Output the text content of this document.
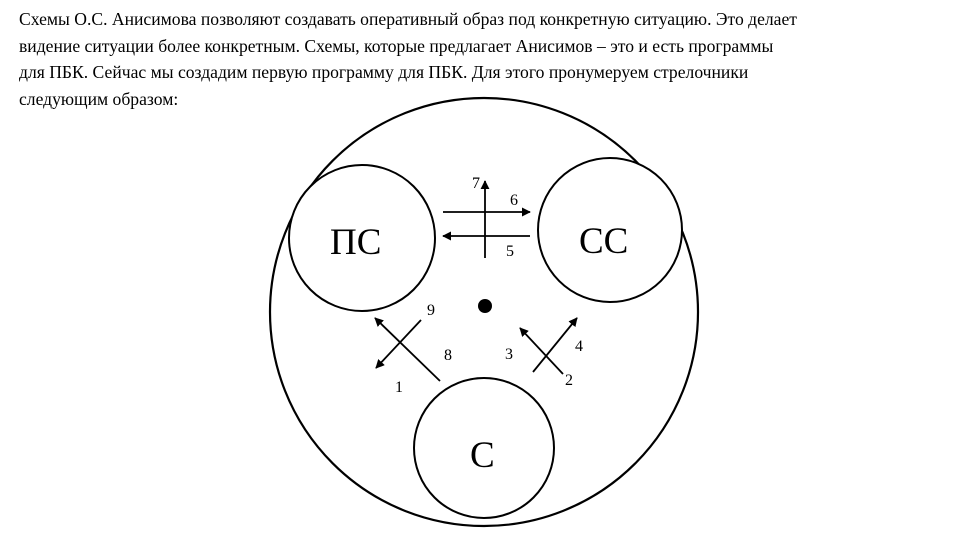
Схемы О.С. Анисимова позволяют создавать оперативный образ под конкретную ситуацию. Это делает
видение ситуации более конкретным. Схемы, которые предлагает Анисимов – это и есть программы
для ПБК. Сейчас мы создадим первую программу для ПБК. Для этого пронумеруем стрелочники
следующим образом:
ПС	СС
С
1	2
3	4
5
6
7
8
9
